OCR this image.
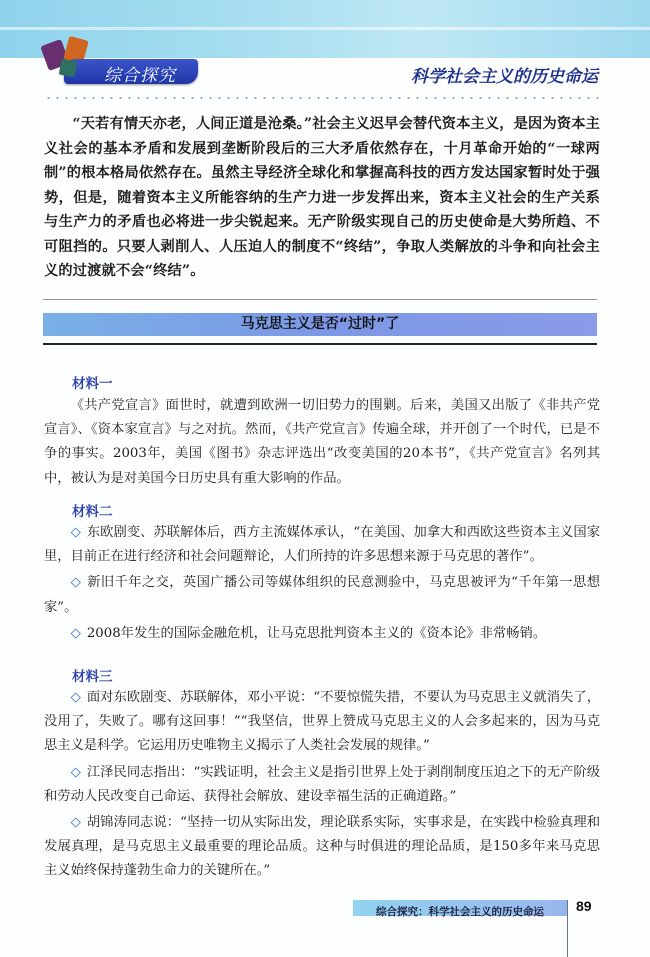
综合探究	科学社会主义的历史命运

“天若有情天亦老，人间正道是沧桑。”社会主义迟早会替代资本主义，是因为资本主义社会的基本矛盾和发展到垄断阶段后的三大矛盾依然存在，十月革命开始的“一球两制”的根本格局依然存在。虽然主导经济全球化和掌握高科技的西方发达国家暂时处于强势，但是，随着资本主义所能容纳的生产力进一步发挥出来，资本主义社会的生产关系与生产力的矛盾也必将进一步尖锐起来。无产阶级实现自己的历史使命是大势所趋、不可阻挡的。只要人剥削人、人压迫人的制度不“终结”，争取人类解放的斗争和向社会主义的过渡就不会“终结”。

马克思主义是否“过时”了
材料一

《共产党宣言》面世时，就遭到欧洲一切旧势力的围剿。后来，美国又出版了《非共产党宣言》、《资本家宣言》与之对抗。然而，《共产党宣言》传遍全球，并开创了一个时代，已是不争的事实。2003年，美国《图书》杂志评选出“改变美国的20本书”，《共产党宣言》名列其中，被认为是对美国今日历史具有重大影响的作品。

材料二

◇ 东欧剧变、苏联解体后，西方主流媒体承认，“在美国、加拿大和西欧这些资本主义国家里，目前正在进行经济和社会问题辩论，人们所持的许多思想来源于马克思的著作”。

◇ 新旧千年之交，英国广播公司等媒体组织的民意测验中，马克思被评为“千年第一思想家”。

◇ 2008年发生的国际金融危机，让马克思批判资本主义的《资本论》非常畅销。

材料三

◇ 面对东欧剧变、苏联解体，邓小平说：“不要惊慌失措，不要认为马克思主义就消失了，没用了，失败了。哪有这回事！”“我坚信，世界上赞成马克思主义的人会多起来的，因为马克思主义是科学。它运用历史唯物主义揭示了人类社会发展的规律。”

◇ 江泽民同志指出：“实践证明，社会主义是指引世界上处于剥削制度压迫之下的无产阶级和劳动人民改变自己命运、获得社会解放、建设幸福生活的正确道路。”

◇ 胡锦涛同志说：“坚持一切从实际出发，理论联系实际，实事求是，在实践中检验真理和发展真理，是马克思主义最重要的理论品质。这种与时俱进的理论品质，是150多年来马克思主义始终保持蓬勃生命力的关键所在。”

综合探究：科学社会主义的历史命运	89
